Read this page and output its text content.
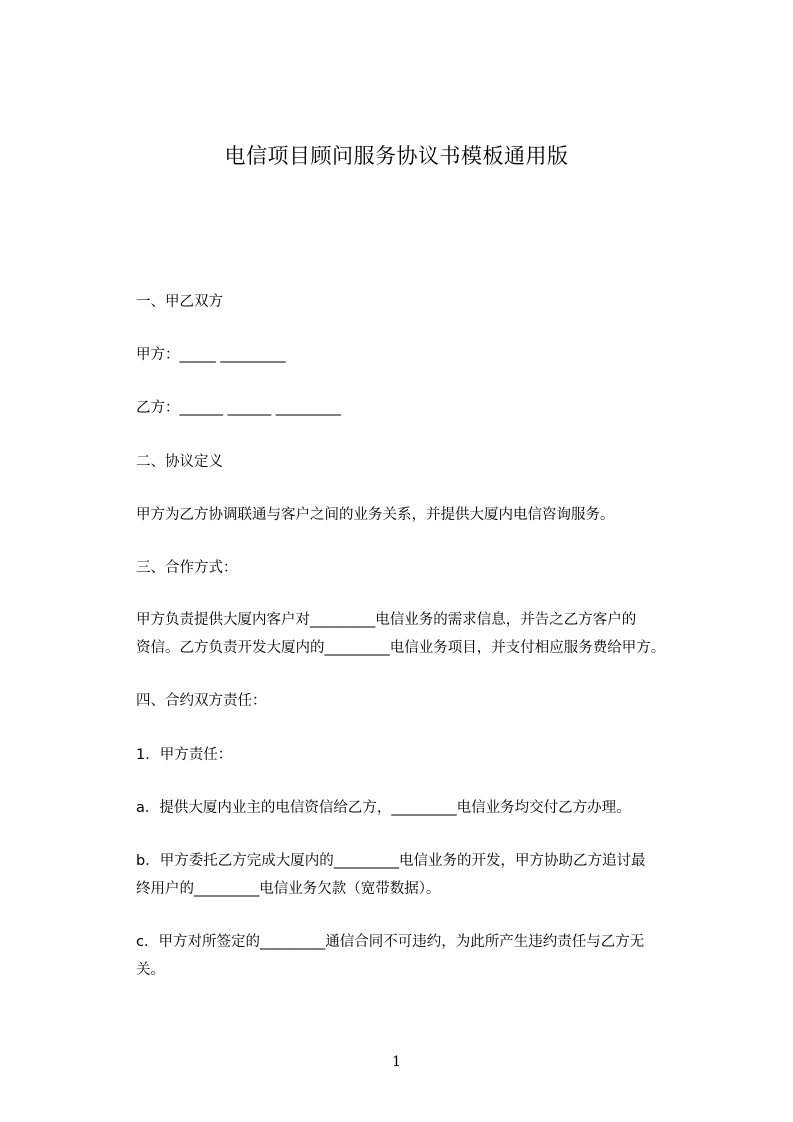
电信项目顾问服务协议书模板通用版
一、甲乙双方
甲方：_____ _________
乙方：______ ______ _________
二、协议定义
甲方为乙方协调联通与客户之间的业务关系，并提供大厦内电信咨询服务。
三、合作方式：
甲方负责提供大厦内客户对_________电信业务的需求信息，并告之乙方客户的
资信。乙方负责开发大厦内的_________电信业务项目，并支付相应服务费给甲方。
四、合约双方责任：
1．甲方责任：
a．提供大厦内业主的电信资信给乙方，_________电信业务均交付乙方办理。
b．甲方委托乙方完成大厦内的_________电信业务的开发，甲方协助乙方追讨最
终用户的_________电信业务欠款（宽带数据）。
c．甲方对所签定的_________通信合同不可违约，为此所产生违约责任与乙方无
关。
1
